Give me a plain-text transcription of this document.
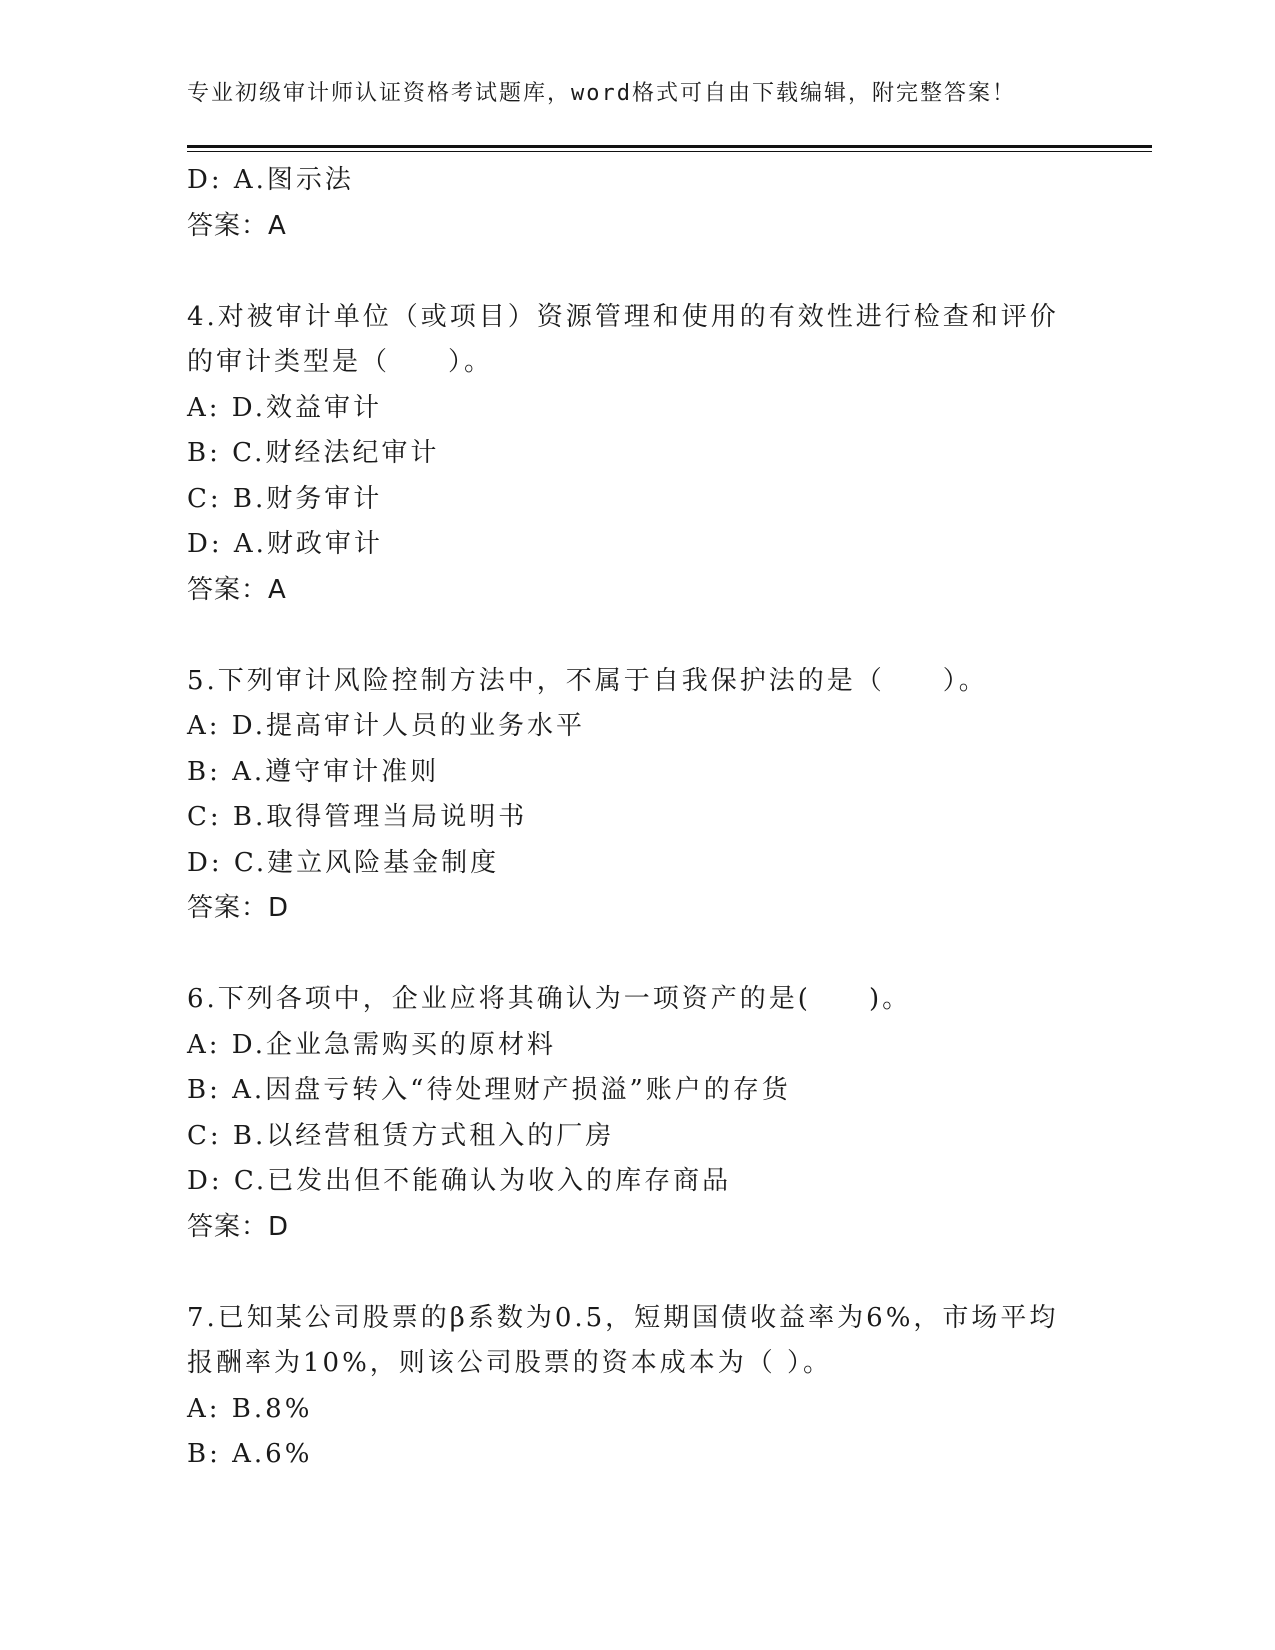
专业初级审计师认证资格考试题库，word格式可自由下载编辑，附完整答案！
D: A.图示法
答案：A
4.对被审计单位（或项目）资源管理和使用的有效性进行检查和评价
的审计类型是（　　）。
A: D.效益审计
B: C.财经法纪审计
C: B.财务审计
D: A.财政审计
答案：A
5.下列审计风险控制方法中，不属于自我保护法的是（　　）。
A: D.提高审计人员的业务水平
B: A.遵守审计准则
C: B.取得管理当局说明书
D: C.建立风险基金制度
答案：D
6.下列各项中，企业应将其确认为一项资产的是(　　)。
A: D.企业急需购买的原材料
B: A.因盘亏转入“待处理财产损溢”账户的存货
C: B.以经营租赁方式租入的厂房
D: C.已发出但不能确认为收入的库存商品
答案：D
7.已知某公司股票的β系数为0.5，短期国债收益率为6%，市场平均
报酬率为10%，则该公司股票的资本成本为（ ）。
A: B.8%
B: A.6%
